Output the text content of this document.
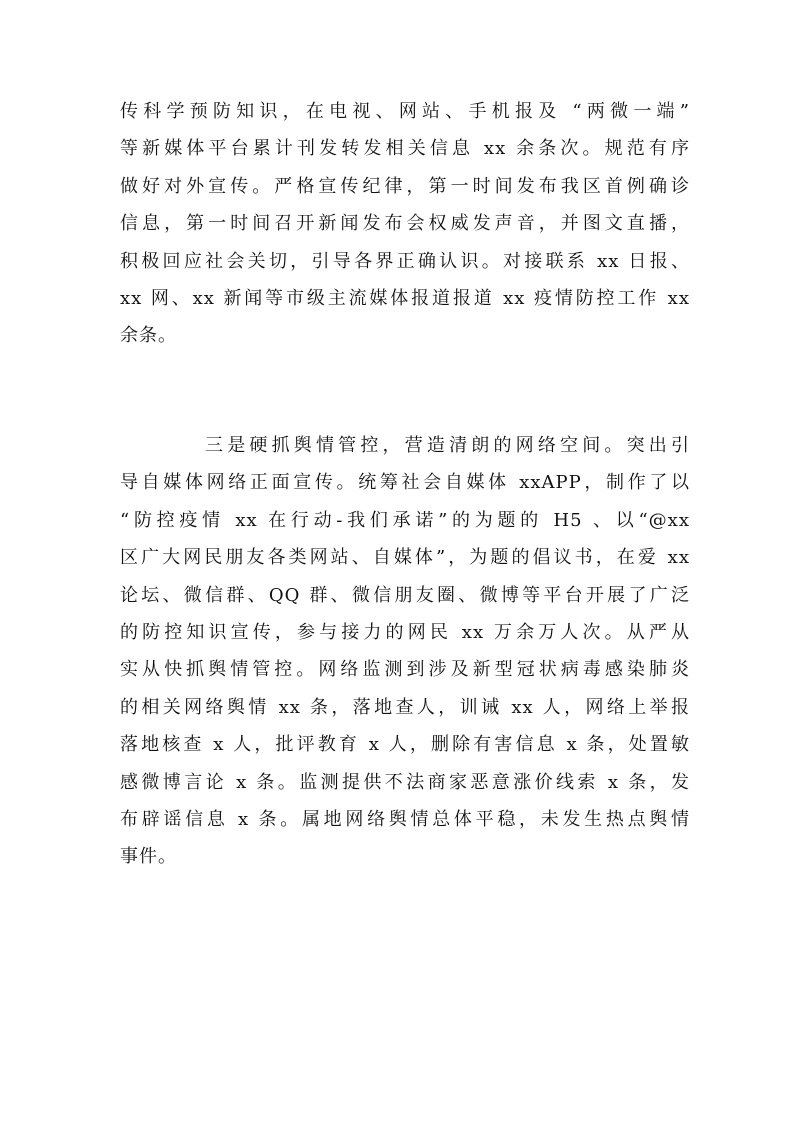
传科学预防知识，在电视、网站、手机报及 “两微一端”
等新媒体平台累计刊发转发相关信息 xx 余条次。规范有序
做好对外宣传。严格宣传纪律，第一时间发布我区首例确诊
信息，第一时间召开新闻发布会权威发声音，并图文直播，
积极回应社会关切，引导各界正确认识。对接联系 xx 日报、
xx 网、xx 新闻等市级主流媒体报道报道 xx 疫情防控工作 xx
余条。

三是硬抓舆情管控，营造清朗的网络空间。突出引
导自媒体网络正面宣传。统筹社会自媒体 xxAPP，制作了以
“防控疫情 xx 在行动-我们承诺”的为题的 H5 、以“@xx
区广大网民朋友各类网站、自媒体”，为题的倡议书，在爱 xx
论坛、微信群、QQ 群、微信朋友圈、微博等平台开展了广泛
的防控知识宣传，参与接力的网民 xx 万余万人次。从严从
实从快抓舆情管控。网络监测到涉及新型冠状病毒感染肺炎
的相关网络舆情 xx 条，落地查人，训诫 xx 人，网络上举报
落地核查 x 人，批评教育 x 人，删除有害信息 x 条，处置敏
感微博言论 x 条。监测提供不法商家恶意涨价线索 x 条，发
布辟谣信息 x 条。属地网络舆情总体平稳，未发生热点舆情
事件。
